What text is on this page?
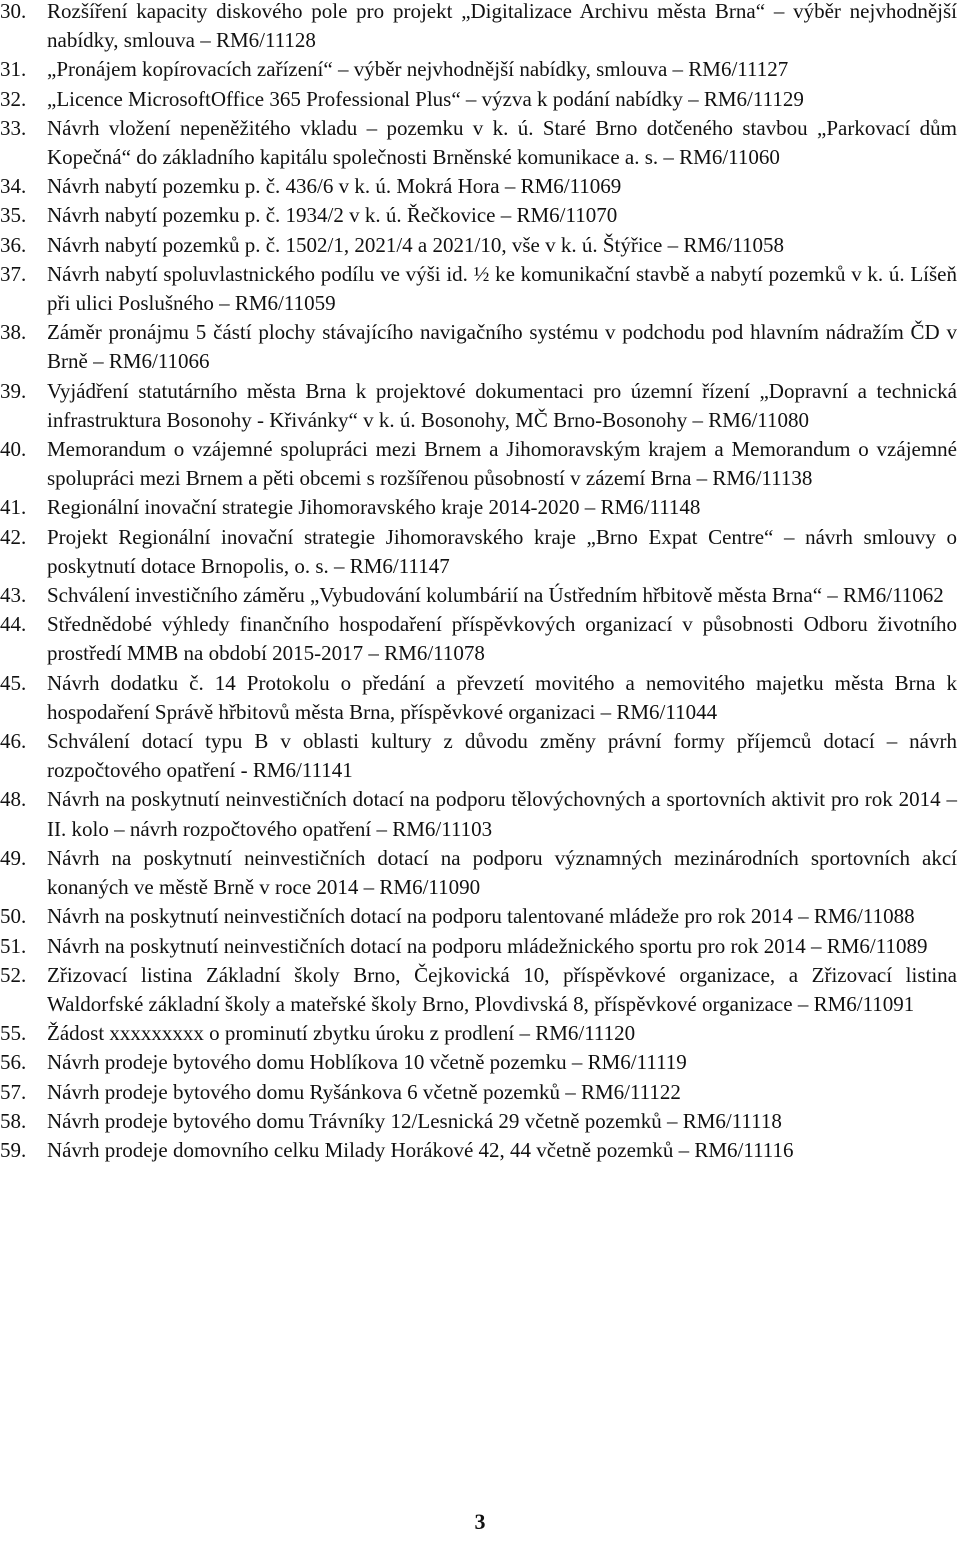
30. Rozšíření kapacity diskového pole pro projekt „Digitalizace Archivu města Brna“ – výběr nejvhodnější nabídky, smlouva – RM6/11128
31. „Pronájem kopírovacích zařízení“ – výběr nejvhodnější nabídky, smlouva – RM6/11127
32. „Licence MicrosoftOffice 365 Professional Plus“ – výzva k podání nabídky – RM6/11129
33. Návrh vložení nepeněžitého vkladu – pozemku v k. ú. Staré Brno dotčeného stavbou „Parkovací dům Kopečná“ do základního kapitálu společnosti Brněnské komunikace a. s. – RM6/11060
34. Návrh nabytí pozemku p. č. 436/6 v k. ú. Mokrá Hora – RM6/11069
35. Návrh nabytí pozemku p. č. 1934/2 v k. ú. Řečkovice – RM6/11070
36. Návrh nabytí pozemků p. č. 1502/1, 2021/4 a 2021/10, vše v k. ú. Štýřice – RM6/11058
37. Návrh nabytí spoluvlastnického podílu ve výši id. ½ ke komunikační stavbě a nabytí pozemků v k. ú. Líšeň při ulici Poslušného – RM6/11059
38. Záměr pronájmu 5 částí plochy stávajícího navigačního systému v podchodu pod hlavním nádražím ČD v Brně – RM6/11066
39. Vyjádření statutárního města Brna k projektové dokumentaci pro územní řízení „Dopravní a technická infrastruktura Bosonohy - Křivánky“ v k. ú. Bosonohy, MČ Brno-Bosonohy – RM6/11080
40. Memorandum o vzájemné spolupráci mezi Brnem a Jihomoravským krajem a Memorandum o vzájemné spolupráci mezi Brnem a pěti obcemi s rozšířenou působností v zázemí Brna – RM6/11138
41. Regionální inovační strategie Jihomoravského kraje 2014-2020 – RM6/11148
42. Projekt Regionální inovační strategie Jihomoravského kraje „Brno Expat Centre“ – návrh smlouvy o poskytnutí dotace Brnopolis, o. s. – RM6/11147
43. Schválení investičního záměru „Vybudování kolumbárií na Ústředním hřbitově města Brna“ – RM6/11062
44. Střednědobé výhledy finančního hospodaření příspěvkových organizací v působnosti Odboru životního prostředí MMB na období 2015-2017 – RM6/11078
45. Návrh dodatku č. 14 Protokolu o předání a převzetí movitého a nemovitého majetku města Brna k hospodaření Správě hřbitovů města Brna, příspěvkové organizaci – RM6/11044
46. Schválení dotací typu B v oblasti kultury z důvodu změny právní formy příjemců dotací – návrh rozpočtového opatření - RM6/11141
48. Návrh na poskytnutí neinvestičních dotací na podporu tělovýchovných a sportovních aktivit pro rok 2014 – II. kolo – návrh rozpočtového opatření – RM6/11103
49. Návrh na poskytnutí neinvestičních dotací na podporu významných mezinárodních sportovních akcí konaných ve městě Brně v roce 2014 – RM6/11090
50. Návrh na poskytnutí neinvestičních dotací na podporu talentované mládeže pro rok 2014 – RM6/11088
51. Návrh na poskytnutí neinvestičních dotací na podporu mládežnického sportu pro rok 2014 – RM6/11089
52. Zřizovací listina Základní školy Brno, Čejkovická 10, příspěvkové organizace, a Zřizovací listina Waldorfské základní školy a mateřské školy Brno, Plovdivská 8, příspěvkové organizace – RM6/11091
55. Žádost xxxxxxxxx o prominutí zbytku úroku z prodlení – RM6/11120
56. Návrh prodeje bytového domu Hoblíkova 10 včetně pozemku – RM6/11119
57. Návrh prodeje bytového domu Ryšánkova 6 včetně pozemků – RM6/11122
58. Návrh prodeje bytového domu Trávníky 12/Lesnická 29 včetně pozemků – RM6/11118
59. Návrh prodeje domovního celku Milady Horákové 42, 44 včetně pozemků – RM6/11116
3
